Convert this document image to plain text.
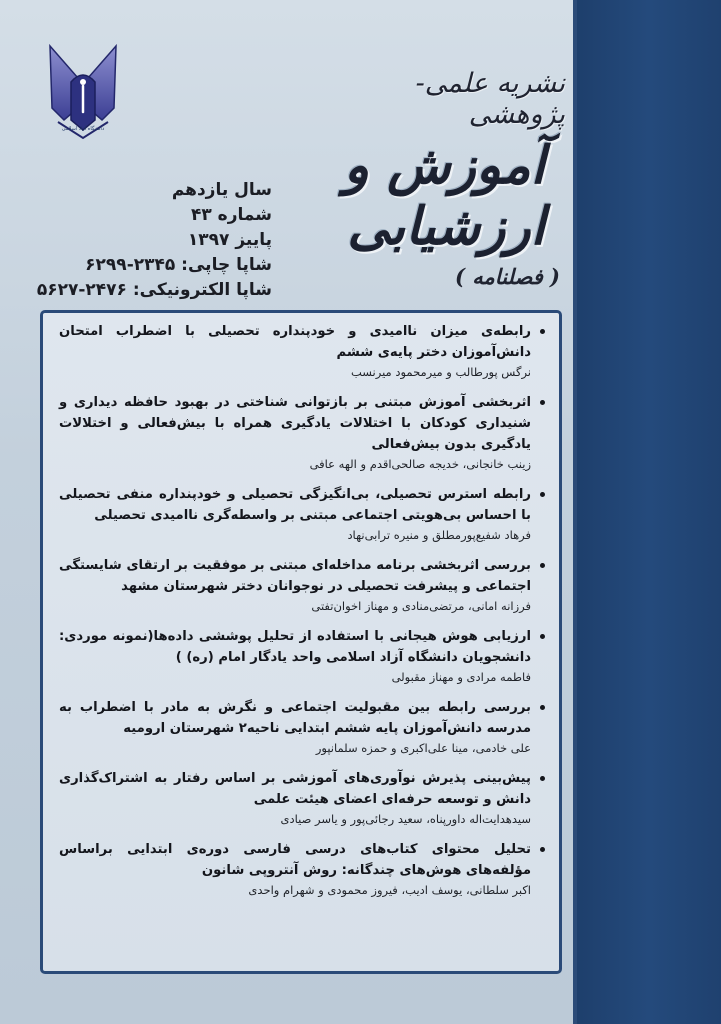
دانشگاه آزاد اسلامی
نشریه علمی- پژوهشی
آموزش و ارزشیابی
( فصلنامه )
سال یازدهم
شماره ۴۳
پاییز ۱۳۹۷
شاپا چاپی: ۲۳۴۵-۶۲۹۹
شاپا الکترونیکی: ۲۴۷۶-۵۶۲۷
رابطه‌ی میزان ناامیدی و خودپنداره تحصیلی با اضطراب امتحان دانش‌آموزان دختر پایه‌ی ششم
نرگس پورطالب و میرمحمود میرنسب
اثربخشی آموزش مبتنی بر بازتوانی شناختی در بهبود حافظه دیداری و شنیداری کودکان با اختلالات یادگیری همراه با بیش‌فعالی و اختلالات یادگیری بدون بیش‌فعالی
زینب خانجانی، خدیجه صالحی‌اقدم و الهه عافی
رابطه استرس تحصیلی، بی‌انگیزگی تحصیلی و خودپنداره منفی تحصیلی با احساس بی‌هویتی اجتماعی مبتنی بر واسطه‌گری ناامیدی تحصیلی
فرهاد شفیع‌پورمطلق و منیره ترابی‌نهاد
بررسی اثربخشی برنامه مداخله‌ای مبتنی بر موفقیت بر ارتقای شایستگی اجتماعی و پیشرفت تحصیلی در نوجوانان دختر شهرستان مشهد
فرزانه امانی، مرتضی‌منادی و مهناز اخوان‌تفتی
ارزیابی هوش هیجانی با استفاده از تحلیل پوششی داده‌ها(نمونه موردی: دانشجویان دانشگاه آزاد اسلامی واحد یادگار امام (ره) )
فاطمه مرادی و مهناز مقبولی
بررسی رابطه بین مقبولیت اجتماعی و نگرش به مادر با اضطراب به مدرسه دانش‌آموزان پایه ششم ابتدایی ناحیه۲ شهرستان ارومیه
علی خادمی، مینا علی‌اکبری و حمزه سلمانپور
پیش‌بینی پذیرش نوآوری‌های آموزشی بر اساس رفتار به اشتراک‌گذاری دانش و توسعه حرفه‌ای اعضای هیئت علمی
سیدهدایت‌اله داورپناه، سعید رجائی‌پور و یاسر صیادی
تحلیل محتوای کتاب‌های درسی فارسی دوره‌ی ابتدایی براساس مؤلفه‌های هوش‌های چندگانه: روش آنتروپی شانون
اکبر سلطانی، یوسف ادیب، فیروز محمودی و شهرام واحدی
